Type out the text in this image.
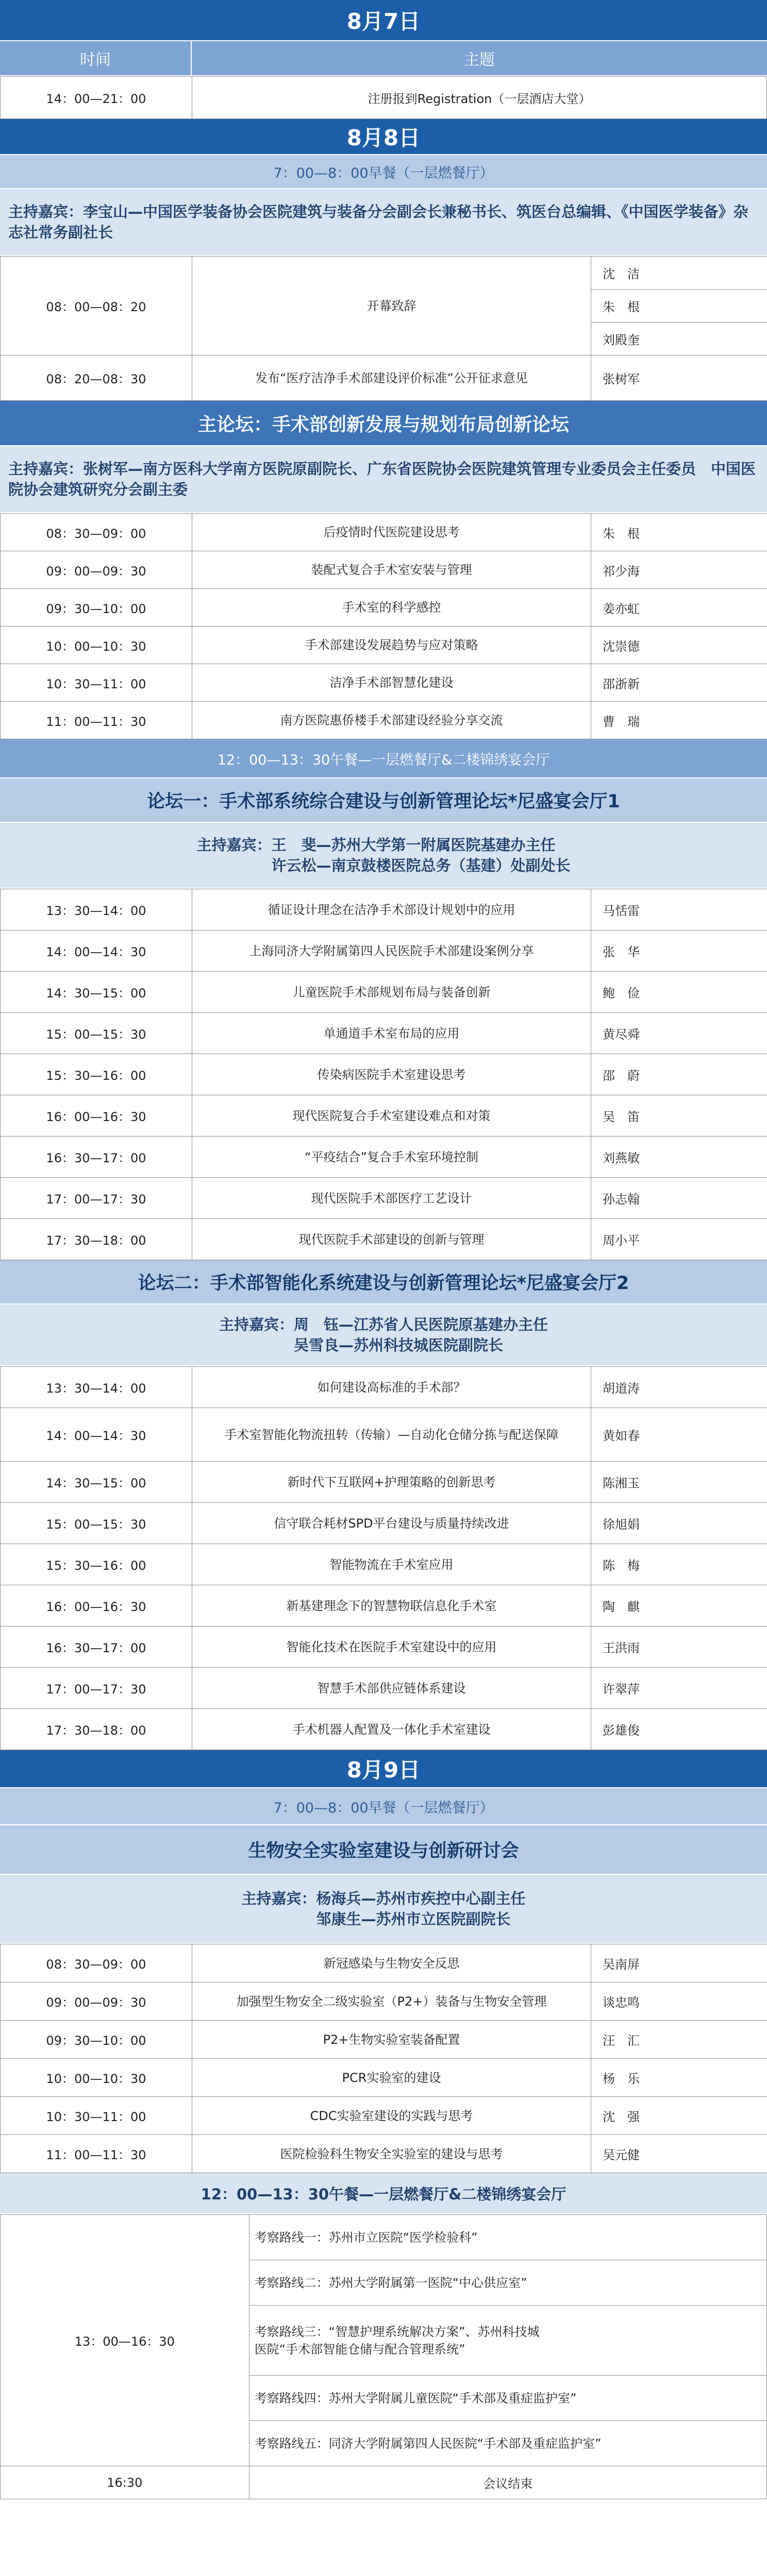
8月7日
时间	主题
14：00—21：00	注册报到Registration（一层酒店大堂）
8月8日
7：00—8：00早餐（一层燃餐厅）
主持嘉宾：李宝山—中国医学装备协会医院建筑与装备分会副会长兼秘书长、筑医台总编辑、《中国医学装备》杂志社常务副社长
08：00—08：20	开幕致辞	沈　洁
		朱　根
		刘殿奎
08：20—08：30	发布“医疗洁净手术部建设评价标准”公开征求意见	张树军
主论坛：手术部创新发展与规划布局创新论坛
主持嘉宾：张树军—南方医科大学南方医院原副院长、广东省医院协会医院建筑管理专业委员会主任委员　中国医院协会建筑研究分会副主委
08：30—09：00	后疫情时代医院建设思考	朱　根
09：00—09：30	装配式复合手术室安装与管理	祁少海
09：30—10：00	手术室的科学感控	姜亦虹
10：00—10：30	手术部建设发展趋势与应对策略	沈崇德
10：30—11：00	洁净手术部智慧化建设	邵浙新
11：00—11：30	南方医院惠侨楼手术部建设经验分享交流	曹　瑞
12：00—13：30午餐—一层燃餐厅&二楼锦绣宴会厅
论坛一：手术部系统综合建设与创新管理论坛*尼盛宴会厅1
主持嘉宾：王　斐—苏州大学第一附属医院基建办主任
许云松—南京鼓楼医院总务（基建）处副处长
13：30—14：00	循证设计理念在洁净手术部设计规划中的应用	马恬雷
14：00—14：30	上海同济大学附属第四人民医院手术部建设案例分享	张　华
14：30—15：00	儿童医院手术部规划布局与装备创新	鲍　俭
15：00—15：30	单通道手术室布局的应用	黄尽舜
15：30—16：00	传染病医院手术室建设思考	邵　蔚
16：00—16：30	现代医院复合手术室建设难点和对策	吴　笛
16：30—17：00	“平疫结合”复合手术室环境控制	刘燕敏
17：00—17：30	现代医院手术部医疗工艺设计	孙志翰
17：30—18：00	现代医院手术部建设的创新与管理	周小平
论坛二：手术部智能化系统建设与创新管理论坛*尼盛宴会厅2
主持嘉宾：周　钰—江苏省人民医院原基建办主任
吴雪良—苏州科技城医院副院长
13：30—14：00	如何建设高标准的手术部？	胡道涛
14：00—14：30	手术室智能化物流扭转（传输）—自动化仓储分拣与配送保障	黄如春
14：30—15：00	新时代下互联网+护理策略的创新思考	陈湘玉
15：00—15：30	信守联合耗材SPD平台建设与质量持续改进	徐旭娟
15：30—16：00	智能物流在手术室应用	陈　梅
16：00—16：30	新基建理念下的智慧物联信息化手术室	陶　麒
16：30—17：00	智能化技术在医院手术室建设中的应用	王洪雨
17：00—17：30	智慧手术部供应链体系建设	许翠萍
17：30—18：00	手术机器人配置及一体化手术室建设	彭雄俊
8月9日
7：00—8：00早餐（一层燃餐厅）
生物安全实验室建设与创新研讨会
主持嘉宾：杨海兵—苏州市疾控中心副主任
邹康生—苏州市立医院副院长
08：30—09：00	新冠感染与生物安全反思	吴南屏
09：00—09：30	加强型生物安全二级实验室（P2+）装备与生物安全管理	谈忠鸣
09：30—10：00	P2+生物实验室装备配置	汪　汇
10：00—10：30	PCR实验室的建设	杨　乐
10：30—11：00	CDC实验室建设的实践与思考	沈　强
11：00—11：30	医院检验科生物安全实验室的建设与思考	吴元健
12：00—13：30午餐—一层燃餐厅&二楼锦绣宴会厅
13：00—16：30	考察路线一：苏州市立医院“医学检验科”
	考察路线二：苏州大学附属第一医院“中心供应室”
	考察路线三：“智慧护理系统解决方案”、苏州科技城医院“手术部智能仓储与配合管理系统”
	考察路线四：苏州大学附属儿童医院“手术部及重症监护室”
	考察路线五：同济大学附属第四人民医院“手术部及重症监护室”
16:30	会议结束
